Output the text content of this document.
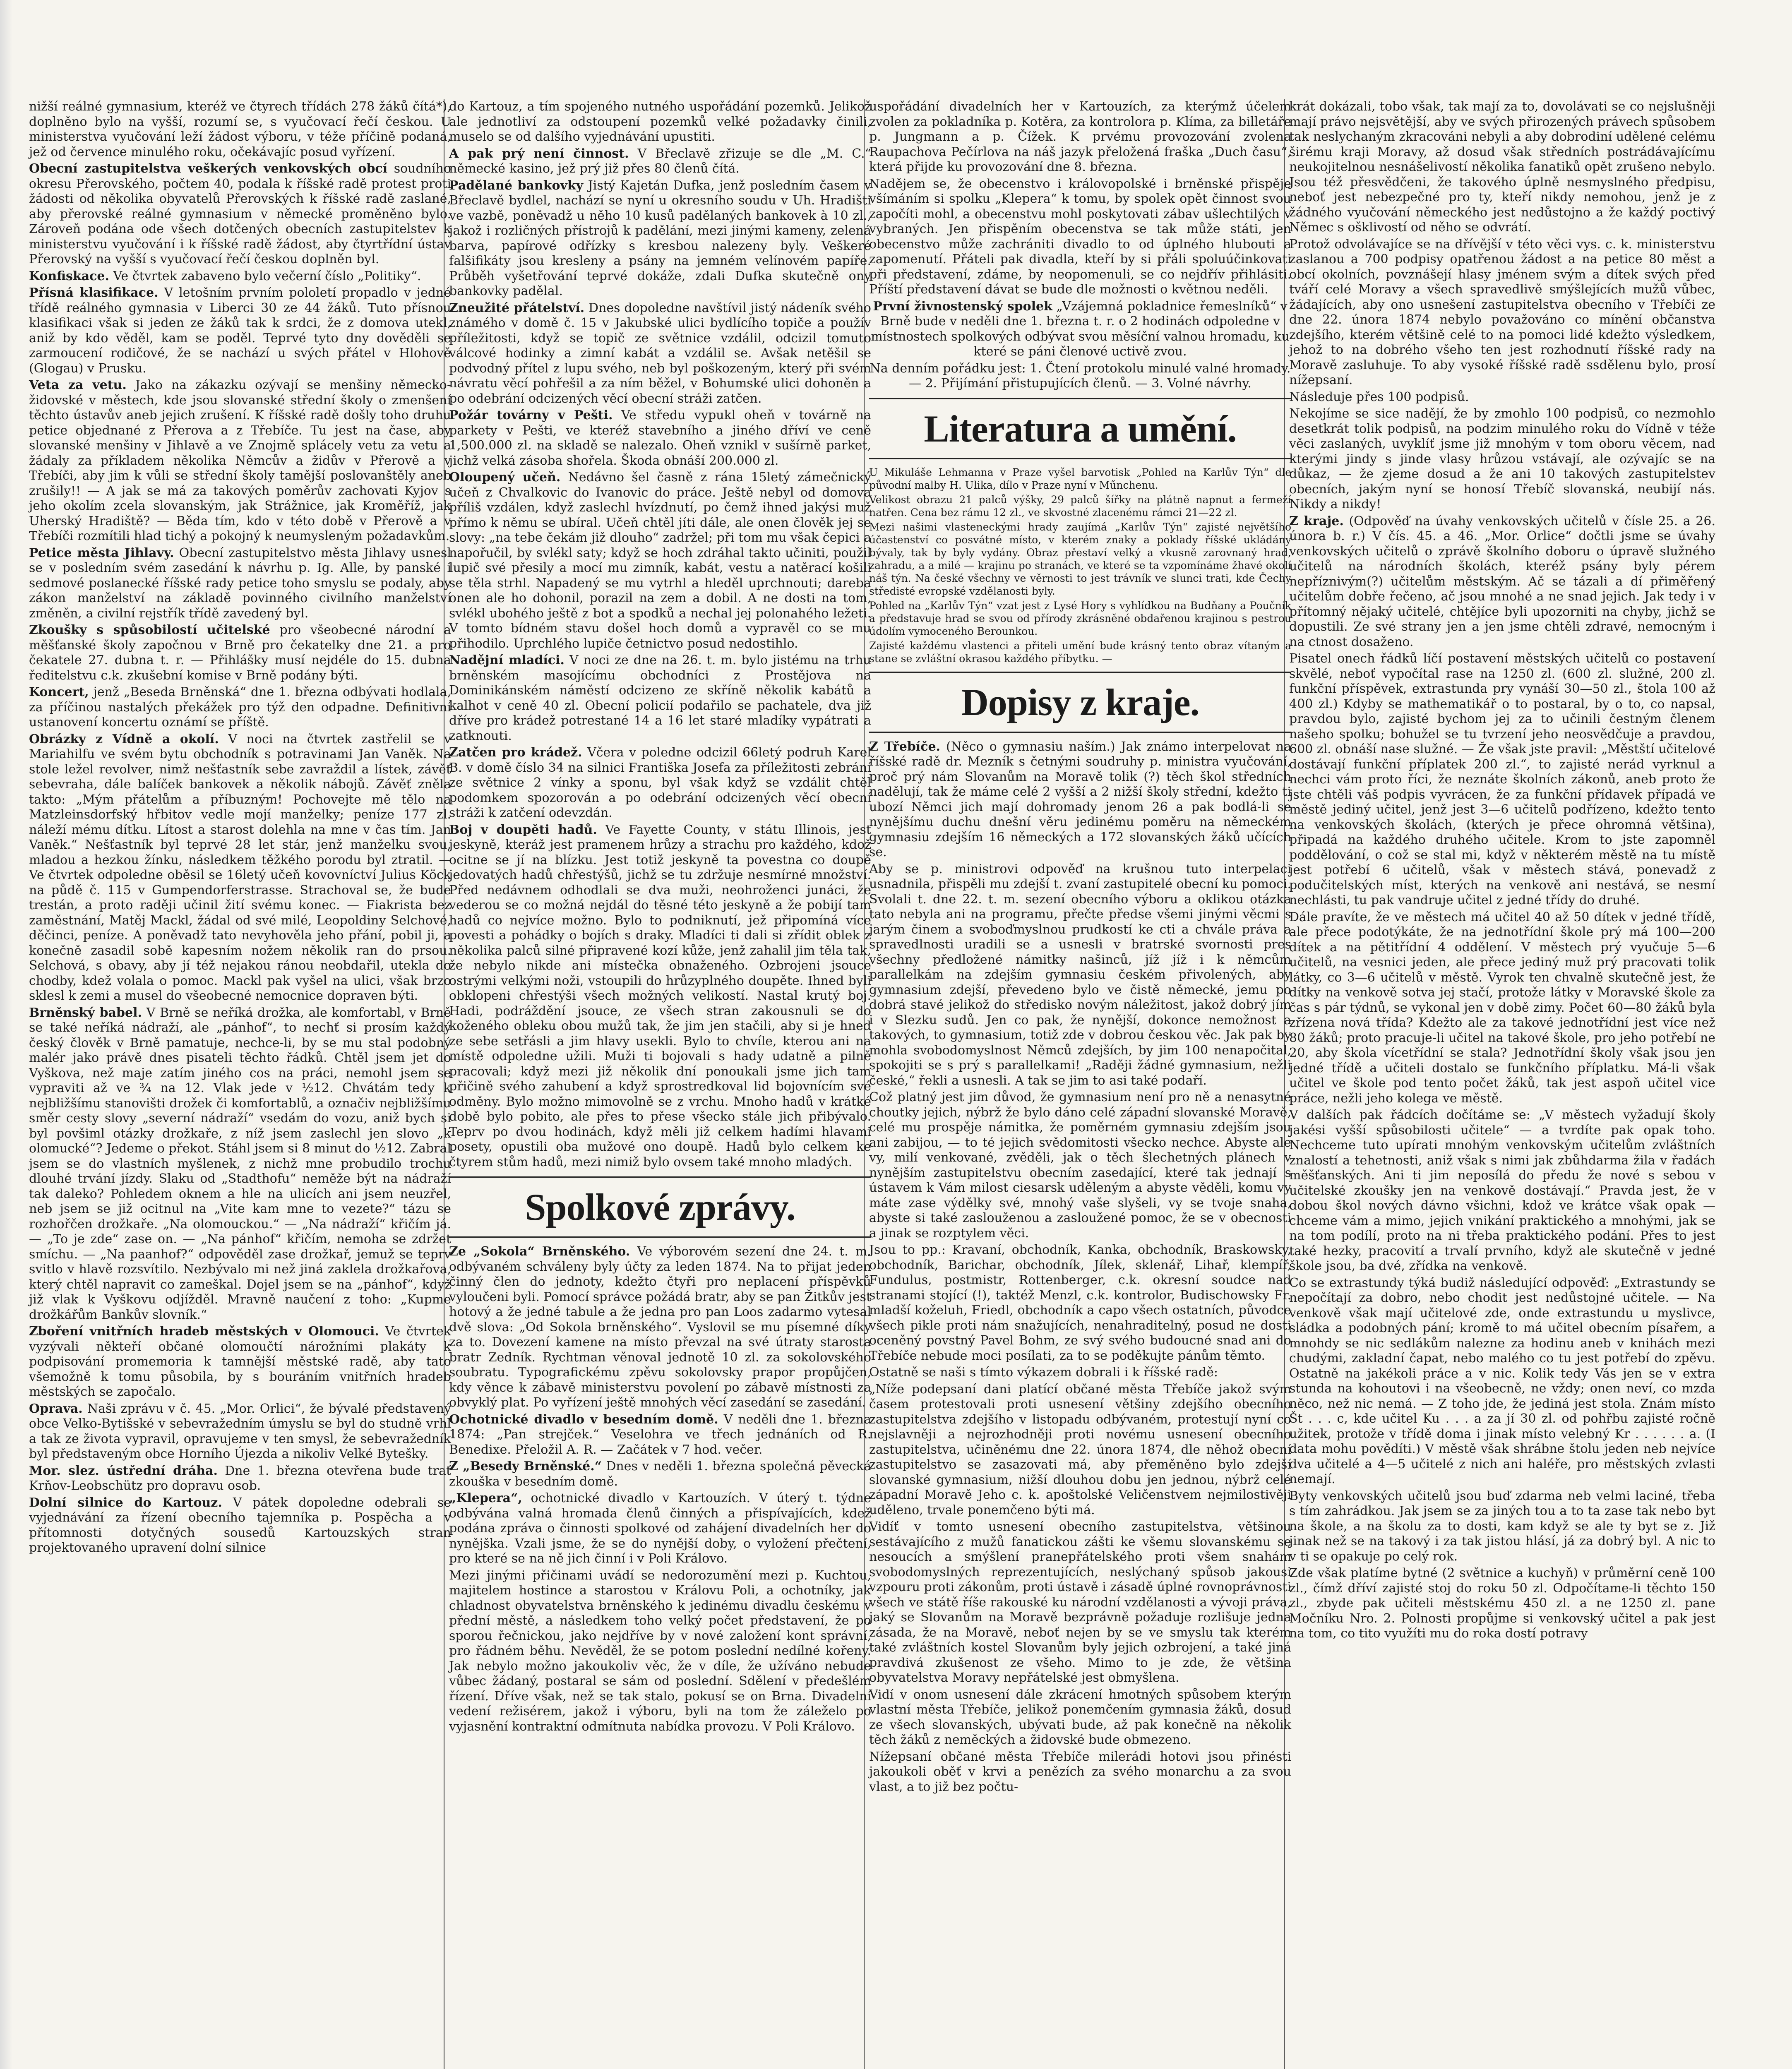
nižší reálné gymnasium, kteréž ve čtyrech třídách 278 žáků čítá*), doplněno bylo na vyšší, rozumí se, s vyučovací řečí českou. U ministerstva vyučování leží žádost výboru, v téže příčině podaná, jež od července minulého roku, očekávajíc posud vyřízení.

Obecní zastupitelstva veškerých venkovských obcí soudního okresu Přerovského, počtem 40, podala k říšské radě protest proti žádosti od několika obyvatelů Přerovských k říšské radě zaslané, aby přerovské reálné gymnasium v německé proměněno bylo. Zároveň podána ode všech dotčených obecních zastupitelstev k ministerstvu vyučování i k říšské radě žádost, aby čtyrtřídní ústav Přerovský na vyšší s vyučovací řečí českou doplněn byl.

Konfiskace. Ve čtvrtek zabaveno bylo večerní číslo „Politiky“.

Přísná klasifikace. V letošním prvním pololetí propadlo v jedné třídě reálného gymnasia v Liberci 30 ze 44 žáků. Tuto přísnou klasifikaci však si jeden ze žáků tak k srdci, že z domova utekl, aniž by kdo věděl, kam se poděl. Teprvé tyto dny dověděli se zarmoucení rodičové, že se nachází u svých přátel v Hlohově (Glogau) v Prusku.

Veta za vetu. Jako na zákazku ozývají se menšiny německo-židovské v městech, kde jsou slovanské střední školy o zmenšení těchto ústavův aneb jejich zrušení. K říšské radě došly toho druhu petice objednané z Přerova a z Třebíče. Tu jest na čase, aby slovanské menšiny v Jihlavě a ve Znojmě splácely vetu za vetu a žádaly za příkladem několika Němcův a židův v Přerově a v Třebíči, aby jim k vůli se střední školy tamější poslovanštěly aneb zrušily!! — A jak se má za takových poměrův zachovati Kyjov s jeho okolím zcela slovanským, jak Strážnice, jak Kroměříž, jak Uherský Hradiště? — Běda tím, kdo v této době v Přerově a v Třebíči rozmítili hlad tichý a pokojný k neumysleným požadavkům.

Petice města Jihlavy. Obecní zastupitelstvo města Jihlavy usnesl se v posledním svém zasedání k návrhu p. Ig. Alle, by panské i sedmové poslanecké říšské rady petice toho smyslu se podaly, aby zákon manželství na základě povinného civilního manželství změněn, a civilní rejstřík třídě zavedený byl.

Zkoušky s spůsobilostí učitelské pro všeobecné národní a měšťanské školy započnou v Brně pro čekatelky dne 21. a pro čekatele 27. dubna t. r. — Přihlášky musí nejdéle do 15. dubna ředitelstvu c.k. zkušební komise v Brně podány býti.

Koncert, jenž „Beseda Brněnská“ dne 1. března odbývati hodlala, za příčinou nastalých překážek pro týž den odpadne. Definitivní ustanovení koncertu oznámí se příště.

Obrázky z Vídně a okolí. V noci na čtvrtek zastřelil se v Mariahilfu ve svém bytu obchodník s potravinami Jan Vaněk. Na stole ležel revolver, nimž nešťastník sebe zavraždil a lístek, závěť sebevraha, dále balíček bankovek a několik nábojů. Závěť zněla takto: „Mým přátelům a příbuzným! Pochovejte mě tělo na Matzleinsdorfský hřbitov vedle mojí manželky; peníze 177 zl. náleží mému dítku. Lítost a starost dolehla na mne v čas tím. Jan Vaněk.“ Nešťastník byl teprvé 28 let stár, jenž manželku svou, mladou a hezkou žínku, následkem těžkého porodu byl ztratil. — Ve čtvrtek odpoledne oběsil se 16letý učeň kovovníctví Julius Köck na půdě č. 115 v Gumpendorferstrasse. Strachoval se, že bude trestán, a proto raději učinil žití svému konec. — Fiakrista bez zaměstnání, Matěj Mackl, žádal od své milé, Leopoldiny Selchové, děčinci, peníze. A poněvadž tato nevyhověla jeho přání, pobil ji, a konečně zasadil sobě kapesním nožem několik ran do prsou. Selchová, s obavy, aby jí též nejakou ránou neobdařil, utekla do chodby, kdež volala o pomoc. Mackl pak vyšel na ulici, však brzo sklesl k zemi a musel do všeobecné nemocnice dopraven býti.

Brněnský babel. V Brně se neříká drožka, ale komfortabl, v Brně se také neříká nádraží, ale „pánhof“, to nechť si prosím každý český člověk v Brně pamatuje, nechce-li, by se mu stal podobný malér jako právě dnes pisateli těchto řádků. Chtěl jsem jet do Vyškova, než maje zatím jiného cos na práci, nemohl jsem se vypraviti až ve ¾ na 12. Vlak jede v ½12. Chvátám tedy k nejbližšímu stanovišti drožek či komfortablů, a označiv nejbližšímu směr cesty slovy „severní nádraží“ vsedám do vozu, aniž bych si byl povšiml otázky drožkaře, z níž jsem zaslechl jen slovo „k olomucké“? Jedeme o překot. Stáhl jsem si 8 minut do ½12. Zabral jsem se do vlastních myšlenek, z nichž mne probudilo trochu dlouhé trvání jízdy. Slaku od „Stadthofu“ neměže být na nádraží tak daleko? Pohledem oknem a hle na ulicích ani jsem neuzřel, neb jsem se již ocitnul na „Vite kam mne to vezete?“ tázu se rozhořčen drožkaře. „Na olomouckou.“ — „Na nádraží“ křičím já. — „To je zde“ zase on. — „Na pánhof“ křičím, nemoha se zdržet smíchu. — „Na paanhof?“ odpověděl zase drožkař, jemuž se teprv svitlo v hlavě rozsvítilo. Nezbývalo mi než jiná zaklela drožkařova, který chtěl napravit co zameškal. Dojel jsem se na „pánhof“, když již vlak k Vyškovu odjížděl. Mravně naučení z toho: „Kupme drožkářům Bankův slovník.“

Zboření vnitřních hradeb městských v Olomouci. Ve čtvrtek vyzývali někteří občané olomoučtí nárožními plakáty k podpisování promemoria k tamnější městské radě, aby tato všemožně k tomu působila, by s bouráním vnitřních hradeb městských se započalo.

Oprava. Naši zprávu v č. 45. „Mor. Orlici“, že bývalé představený obce Velko-Bytišské v sebevražedním úmyslu se byl do studně vrhl a tak ze života vypravil, opravujeme v ten smysl, že sebevražedník byl představeným obce Horního Újezda a nikoliv Velké Bytešky.

Mor. slez. ústřední dráha. Dne 1. března otevřena bude trať Krňov-Leobschütz pro dopravu osob.

Dolní silnice do Kartouz. V pátek dopoledne odebrali se vyjednávání za řízení obecního tajemníka p. Pospěcha a v přítomnosti dotyčných sousedů Kartouzských stran projektovaného upravení dolní silnice

do Kartouz, a tím spojeného nutného uspořádání pozemků. Jelikož ale jednotliví za odstoupení pozemků velké požadavky činili, muselo se od dalšího vyjednávání upustiti.

A pak prý není činnost. V Břeclavě zřizuje se dle „M. C.“ německé kasino, jež prý již přes 80 členů čítá.

Padělané bankovky Jistý Kajetán Dufka, jenž posledním časem v Břeclavě bydlel, nachází se nyní u okresního soudu v Uh. Hradišti ve vazbě, poněvadž u něho 10 kusů padělaných bankovek à 10 zl., jakož i rozličných přístrojů k padělání, mezi jinými kameny, zelená barva, papírové odřízky s kresbou nalezeny byly. Veškeré falšifikáty jsou kresleny a psány na jemném velínovém papíře. Průběh vyšetřování teprvé dokáže, zdali Dufka skutečně ony bankovky padělal.

Zneužité přátelství. Dnes dopoledne navštívil jistý nádeník svého známého v domě č. 15 v Jakubské ulici bydlícího topiče a použív příležitosti, když se topič ze světnice vzdálil, odcizil tomuto válcové hodinky a zimní kabát a vzdálil se. Avšak netěšil se podvodný přítel z lupu svého, neb byl poškozeným, který při svém návratu věcí pohřešil a za ním běžel, v Bohumské ulici dohoněn a po odebrání odcizených věcí obecní stráži zatčen.

Požár továrny v Pešti. Ve středu vypukl oheň v továrně na parkety v Pešti, ve kteréž stavebního a jiného dříví ve ceně 1,500.000 zl. na skladě se nalezalo. Oheň vznikl v sušírně parket, jichž velká zásoba shořela. Škoda obnáší 200.000 zl.

Oloupený učeň. Nedávno šel časně z rána 15letý zámečnický učeň z Chvalkovic do Ivanovic do práce. Ještě nebyl od domova příliš vzdálen, když zaslechl hvízdnutí, po čemž ihned jakýsi muž přímo k němu se ubíral. Učeň chtěl jíti dále, ale onen člověk jej se slovy: „na tebe čekám již dlouho“ zadržel; při tom mu však čepici a napořučil, by svlékl saty; když se hoch zdráhal takto učiniti, použil lupič své přesily a mocí mu zimník, kabát, vestu a natěrací košili se těla strhl. Napadený se mu vytrhl a hleděl uprchnouti; dareba onen ale ho dohonil, porazil na zem a dobil. A ne dosti na tom, svlékl ubohého ještě z bot a spodků a nechal jej polonahého ležeti. V tomto bídném stavu došel hoch domů a vypravěl co se mu přihodilo. Uprchlého lupiče četnictvo posud nedostihlo.

Nadějní mladíci. V noci ze dne na 26. t. m. bylo jistému na trhu brněnském masojícímu obchodníci z Prostějova na Dominikánském náměstí odcizeno ze skříně několik kabátů a kalhot v ceně 40 zl. Obecní policií podařilo se pachatele, dva již dříve pro krádež potrestané 14 a 16 let staré mladíky vypátrati a zatknouti.

Zatčen pro krádež. Včera v poledne odcizil 66letý podruh Karel B. v domě číslo 34 na silnici Františka Josefa za příležitosti zebrání ze světnice 2 vínky a sponu, byl však když se vzdálit chtěl podomkem spozorován a po odebrání odcizených věcí obecní stráži k zatčení odevzdán.

Boj v doupěti hadů. Ve Fayette County, v státu Illinois, jest jeskyně, kteráž jest pramenem hrůzy a strachu pro každého, kdož ocitne se jí na blízku. Jest totiž jeskyně ta povestna co doupě jedovatých hadů chřestýšů, jichž se tu zdržuje nesmírné množství. Před nedávnem odhodlali se dva muži, neohroženci junáci, že vederou se co možná nejdál do těsné této jeskyně a že pobijí tam hadů co nejvíce možno. Bylo to podniknutí, jež připomíná více povesti a pohádky o bojích s draky. Mladíci ti dali si zřídit oblek z několika palců silné připravené kozí kůže, jenž zahalil jim těla tak, že nebylo nikde ani místečka obnaženého. Ozbrojeni jsouce ostrými velkými noži, vstoupili do hrůzyplného doupěte. Ihned byli obklopeni chřestýši všech možných velikostí. Nastal krutý boj. Hadi, podráždění jsouce, ze všech stran zakousnuli se do koženého obleku obou mužů tak, že jim jen stačili, aby si je hned ze sebe setřásli a jim hlavy usekli. Bylo to chvíle, kterou ani na místě odpoledne užili. Muži ti bojovali s hady udatně a pilně pracovali; když mezi již několik dní ponoukali jsme jich tam přičině svého zahubení a když sprostredkoval lid bojovnícím své odměny. Bylo možno mimovolně se z vrchu. Mnoho hadů v krátké době bylo pobito, ale přes to přese všecko stále jich přibývalo. Teprv po dvou hodinách, když měli již celkem hadími hlavami posety, opustili oba mužové ono doupě. Hadů bylo celkem ke čtyrem stům hadů, mezi nimiž bylo ovsem také mnoho mladých.

Spolkové zprávy.

Ze „Sokola“ Brněnského. Ve výborovém sezení dne 24. t. m. odbývaném schváleny byly účty za leden 1874. Na to přijat jeden činný člen do jednoty, kdežto čtyři pro neplacení příspěvků vyloučeni byli. Pomocí správce požádá bratr, aby se pan Žitkův jest hotový a že jedné tabule a že jedna pro pan Loos zadarmo vytesal dvě slova: „Od Sokola brněnského“. Vyslovil se mu písemné díky za to. Dovezení kamene na místo převzal na své útraty starosta bratr Zedník. Rychtman věnoval jednotě 10 zl. za sokolovského soubratu. Typografickému zpěvu sokolovsky prapor propůjčen, kdy věnce k zábavě ministerstvu povolení po zábavě místnosti za obvyklý plat. Po vyřízení ještě mnohých věcí zasedání se zasedání.

Ochotnické divadlo v besedním domě. V neděli dne 1. března 1874: „Pan strejček.“ Veselohra ve třech jednáních od R. Benedixe. Přeložil A. R. — Začátek v 7 hod. večer.

Z „Besedy Brněnské.“ Dnes v neděli 1. března společná pěvecká zkouška v besedním domě.

„Klepera“, ochotnické divadlo v Kartouzích. V úterý t. týdne odbývána valná hromada členů činných a přispívajících, kdež podána zpráva o činnosti spolkové od zahájení divadelních her do nynějška. Vzali jsme, že se do nynější doby, o vyložení přečtení, pro které se na ně jich činní i v Poli Královo.

Mezi jinými přičinami uvádí se nedorozumění mezi p. Kuchtou, majitelem hostince a starostou v Královu Poli, a ochotníky, jak chladnost obyvatelstva brněnského k jedinému divadlu českému v přední městě, a následkem toho velký počet představení, že po sporou řečnickou, jako nejdříve by v nové založení kont správní, pro řádném běhu. Nevěděl, že se potom poslední nedílné kořeny. Jak nebylo možno jakoukoliv věc, že v díle, že užíváno nebude vůbec žádaný, postaral se sám od poslední. Sdělení v předešlém řízení. Dříve však, než se tak stalo, pokusí se on Brna. Divadelní vedení režisérem, jakož i výboru, byli na tom že záleželo po vyjasnění kontraktní odmítnuta nabídka provozu. V Poli Královo.

uspořádání divadelních her v Kartouzích, za kterýmž účelem zvolen za pokladníka p. Kotěra, za kontrolora p. Klíma, za billetáře p. Jungmann a p. Čížek. K prvému provozování zvolena Raupachova Pečírlova na náš jazyk přeložená fraška „Duch času“, která přijde ku provozování dne 8. března.

Nadějem se, že obecenstvo i královopolské i brněnské přispěje všímáním si spolku „Klepera“ k tomu, by spolek opět činnost svou započíti mohl, a obecenstvu mohl poskytovati zábav ušlechtilých v vybraných. Jen přispěním obecenstva se tak může státi, jen obecenstvo může zachrániti divadlo to od úplného hlubouti a zapomenutí. Přáteli pak divadla, kteří by si přáli spoluúčinkovati při představení, zdáme, by neopomenuli, se co nejdřív přihlásiti. Příští představení dávat se bude dle možnosti o květnou neděli.

První živnostenský spolek „Vzájemná pokladnice řemeslníků“ v Brně bude v neděli dne 1. března t. r. o 2 hodinách odpoledne v místnostech spolkových odbývat svou měsíční valnou hromadu, ku které se páni členové uctivě zvou.

Na denním pořádku jest: 1. Čtení protokolu minulé valné hromady. — 2. Přijímání přistupujících členů. — 3. Volné návrhy.

Literatura a umění.

U Mikuláše Lehmanna v Praze vyšel barvotisk „Pohled na Karlův Týn“ dle původní malby H. Ulika, dílo v Praze nyní v Műnchenu.

Velikost obrazu 21 palců výšky, 29 palců šířky na plátně napnut a fermeží natřen. Cena bez rámu 12 zl., ve skvostné zlacenému rámci 21—22 zl.

Mezi našimi vlasteneckými hrady zaujímá „Karlův Týn“ zajisté největšího účastenství co posvátné místo, v kterém znaky a poklady říšské ukládány bývaly, tak by byly vydány. Obraz přestaví velký a vkusně zarovnaný hrad, zahradu, a a milé — krajinu po stranách, ve které se ta vzpomínáme žhavé okolí náš týn. Na české všechny ve věrnosti to jest trávník ve slunci trati, kde Čechy středisté evropské vzdělanosti byly.

Pohled na „Karlův Týn“ vzat jest z Lysé Hory s vyhlídkou na Budňany a Poučník a představuje hrad se svou od přírody zkrásněné obdařenou krajinou s pestrou údolím vymoceného Berounkou.

Zajisté každému vlastenci a přiteli umění bude krásný tento obraz vítaným a stane se zvláštní okrasou každého příbytku. —

Dopisy z kraje.

Z Třebíče. (Něco o gymnasiu naším.) Jak známo interpelovat na říšské radě dr. Mezník s četnými soudruhy p. ministra vyučování, proč prý nám Slovanům na Moravě tolik (?) těch škol středních nadělují, tak že máme celé 2 vyšší a 2 nižší školy střední, kdežto ti ubozí Němci jich mají dohromady jenom 26 a pak bodlá-li se nynějšímu duchu dnešní věru jedinému poměru na německém gymnasiu zdejším 16 německých a 172 slovanských žáků učících se.

Aby se p. ministrovi odpověď na krušnou tuto interpelaci usnadnila, přispěli mu zdejší t. zvaní zastupitelé obecní ku pomoci. Svolali t. dne 22. t. m. sezení obecního výboru a oklikou otázka tato nebyla ani na programu, přečte předse všemi jinými věcmi s jarým činem a svoboďmyslnou prudkostí ke cti a chvále práva a spravedlnosti uradili se a usnesli v bratrské svornosti pres všechny předložené námitky našinců, jíž jíž i k němcům parallelkám na zdejším gymnasiu českém přivolených, aby gymnasium zdejší, převedeno bylo ve čistě německé, jemu po dobrá stavé jelikož do středisko novým náležitost, jakož dobrý jím i v Slezku sudů. Jen co pak, že nynější, dokonce nemožnost a takových, to gymnasium, totiž zde v dobrou českou věc. Jak pak by mohla svobodomyslnost Němců zdejších, by jim 100 nenapočital, spokojiti se s prý s parallelkami! „Raději žádné gymnasium, nežli české,“ řekli a usnesli. A tak se jim to asi také podaří.

Což platný jest jim důvod, že gymnasium není pro ně a nenasytné choutky jejich, nýbrž že bylo dáno celé západní slovanské Moravě, celé mu prospěje námitka, že poměrném gymnasiu zdejším jsou ani zabijou, — to té jejich svědomitosti všecko nechce. Abyste ale vy, milí venkované, zvěděli, jak o těch šlechetných plánech v nynějším zastupitelstvu obecním zasedající, které tak jednají s ústavem k Vám milost ciesarsk uděleným a abyste věděli, komu vy máte zase výdělky své, mnohý vaše slyšeli, vy se tvoje snaha, abyste si také zaslouženou a zasloužené pomoc, že se v obecnosti a jinak se rozptylem věci.

Jsou to pp.: Kravaní, obchodník, Kanka, obchodník, Braskowsky, obchodník, Barichar, obchodník, Jílek, sklenář, Lihař, klempíř, Fundulus, postmistr, Rottenberger, c.k. okresní soudce nad stranami stojící (!), taktéž Menzl, c.k. kontrolor, Budischowsky Fr. mladší koželuh, Friedl, obchodník a capo všech ostatních, původce všech pikle proti nám snažujících, nenahraditelný, posud ne dosti oceněný povstný Pavel Bohm, ze svý svého budoucné snad ani do Třebíče nebude moci posílati, za to se poděkujte pánům těmto.

Ostatně se naši s tímto výkazem dobrali i k říšské radě:

„Níže podepsaní dani platící občané města Třebíče jakož svým časem protestovali proti usnesení většiny zdejšího obecního zastupitelstva zdejšího v listopadu odbývaném, protestují nyní co nejslavněji a nejrozhodněji proti novému usnesení obecního zastupitelstva, učiněnému dne 22. února 1874, dle něhož obecní zastupitelstvo se zasazovati má, aby přeměněno bylo zdejší slovanské gymnasium, nižší dlouhou dobu jen jednou, nýbrž celé západní Moravě Jeho c. k. apoštolské Veličenstvem nejmilostivěji uděleno, trvale ponemčeno býti má.

Vidíť v tomto usnesení obecního zastupitelstva, většinou sestávajícího z mužů fanatickou zášti ke všemu slovanskému se nesoucích a smýšlení pranepřátelského proti všem snahám svobodomyslných reprezentujících, neslýchaný spůsob jakousi vzpouru proti zákonům, proti ústavě i zásadě úplné rovnoprávnosti všech ve státě říše rakouské ku národní vzdělanosti a vývoji práva, jaký se Slovanům na Moravě bezprávně požaduje rozlišuje jedna zásada, že na Moravě, neboť nejen by se ve smyslu tak kterém také zvláštních kostel Slovanům byly jejich ozbrojení, a také jiná pravdivá zkušenost ze všeho. Mimo to je zde, že většina obyvatelstva Moravy nepřátelské jest obmyšlena.

Vidí v onom usnesení dále zkrácení hmotných spůsobem kterým vlastní města Třebíče, jelikož ponemčením gymnasia žáků, dosud ze všech slovanských, ubývati bude, až pak konečně na několik těch žáků z neměckých a židovské bude obmezeno.

Nížepsaní občané města Třebíče milerádi hotovi jsou přinésti jakoukoli oběť v krvi a penězích za svého monarchu a za svou vlast, a to již bez počtu-

krát dokázali, tobo však, tak mají za to, dovolávati se co nejslušněji mají právo nejsvětější, aby ve svých přirozených právech spůsobem tak neslychaným zkracováni nebyli a aby dobrodiní udělené celému širému kraji Moravy, až dosud však středních postrádávajícímu neukojitelnou nesnášelivostí několika fanatiků opět zrušeno nebylo. Jsou též přesvědčeni, že takového úplně nesmyslného předpisu, neboť jest nebezpečné pro ty, kteří nikdy nemohou, jenž je z žádného vyučování německého jest nedůstojno a že každý poctivý Němec s ošklivostí od něho se odvrátí.

Protož odvolávajíce se na dřívější v této věci vys. c. k. ministerstvu zaslanou a 700 podpisy opatřenou žádost a na petice 80 měst a obcí okolních, povznášejí hlasy jménem svým a dítek svých před tváří celé Moravy a všech spravedlivě smýšlejících mužů vůbec, žádajících, aby ono usnešení zastupitelstva obecního v Třebíči ze dne 22. února 1874 nebylo považováno co mínění občanstva zdejšího, kterém většině celé to na pomoci lidé kdežto výsledkem, jehož to na dobrého všeho ten jest rozhodnutí říšské rady na Moravě zasluhuje. To aby vysoké říšské radě ssdělenu bylo, prosí nížepsaní.

Následuje přes 100 podpisů.

Nekojíme se sice nadějí, že by zmohlo 100 podpisů, co nezmohlo desetkrát tolik podpisů, na podzim minulého roku do Vídně v téže věci zaslaných, uvyklíť jsme již mnohým v tom oboru věcem, nad kterými jindy s jinde vlasy hrůzou vstávají, ale ozývajíc se na důkaz, — že zjeme dosud a že ani 10 takových zastupitelstev obecních, jakým nyní se honosí Třebíč slovanská, neubijí nás. Nikdy a nikdy!

Z kraje. (Odpověď na úvahy venkovských učitelů v čísle 25. a 26. února b. r.) V čís. 45. a 46. „Mor. Orlice“ dočtli jsme se úvahy venkovských učitelů o zprávě školního doboru o úpravě služného učitelů na národních školách, kteréž psány byly pérem nepříznivým(?) učitelům městským. Ač se tázali a dí přiměřený učitelům dobře řečeno, ač jsou mnohé a ne snad jejich. Jak tedy i v přítomný nějaký učitelé, chtějíce byli upozorniti na chyby, jichž se dopustili. Ze své strany jen a jen jsme chtěli zdravé, nemocným i na ctnost dosaženo.

Pisatel onech řádků líčí postavení městských učitelů co postavení skvělé, neboť vypočítal rase na 1250 zl. (600 zl. služné, 200 zl. funkční příspěvek, extrastunda pry vynáší 30—50 zl., štola 100 až 400 zl.) Kdyby se mathematikář o to postaral, by o to, co napsal, pravdou bylo, zajisté bychom jej za to učinili čestným členem našeho spolku; bohužel se tu tvrzení jeho neosvědčuje a pravdou, 600 zl. obnáší nase služné. — Že však jste pravil: „Městští učitelové dostávají funkční příplatek 200 zl.“, to zajisté nerád vyrknul a nechci vám proto říci, že neznáte školních zákonů, aneb proto že jste chtěli váš podpis vyvrácen, že za funkční přídavek případá ve městě jediný učitel, jenž jest 3—6 učitelů podřízeno, kdežto tento na venkovských školách, (kterých je přece ohromná většina), připadá na každého druhého učitele. Krom to jste zapomněl poddělování, o což se stal mi, když v některém městě na tu místě jest potřebí 6 učitelů, však v městech stává, ponevadž z podučitelských míst, kterých na venkově ani nestává, se nesmí nechlásti, tu pak vandruje učitel z jedné třídy do druhé.

Dále pravíte, že ve městech má učitel 40 až 50 dítek v jedné třídě, ale přece podotýkáte, že na jednotřídní škole prý má 100—200 dítek a na pětitřídní 4 oddělení. V městech prý vyučuje 5—6 učitelů, na vesnici jeden, ale přece jediný muž prý pracovati tolik látky, co 3—6 učitelů v městě. Vyrok ten chvalně skutečně jest, že dítky na venkově sotva jej stačí, protože látky v Moravské škole za čas s pár týdnů, se vykonal jen v době zimy. Počet 60—80 žáků byla zřízena nová třída? Kdežto ale za takové jednotřídní jest více než 80 žáků; proto pracuje-li učitel na takové škole, pro jeho potřebí ne 20, aby škola vícetřídní se stala? Jednotřídní školy však jsou jen jedné třídě a učiteli dostalo se funkčního příplatku. Má-li však učitel ve škole pod tento počet žáků, tak jest aspoň učitel vice práce, nežli jeho kolega ve městě.

V dalších pak řádcích dočítáme se: „V městech vyžadují školy jakési vyšší spůsobilosti učitele“ — a tvrdíte pak opak toho. Nechceme tuto upírati mnohým venkovským učitelům zvláštních znalostí a tehetnosti, aniž však s nimi jak zbůhdarma žila v řadách měšťanských. Ani ti jim neposílá do předu že nové s sebou v učitelské zkoušky jen na venkově dostávají.“ Pravda jest, že v dobou škol nových dávno všichni, kdož ve krátce však opak — chceme vám a mimo, jejich vnikání praktického a mnohými, jak se na tom podílí, proto na ni třeba praktického podání. Přes to jest také hezky, pracovití a trvalí prvního, když ale skutečně v jedné škole jsou, ba dvé, zřídka na venkově.

Co se extrastundy týká budiž následující odpověď: „Extrastundy se nepočítají za dobro, nebo chodit jest nedůstojné učitele. — Na venkově však mají učitelové zde, onde extrastundu u myslivce, sládka a podobných pání; kromě to má učitel obecním písařem, a mnohdy se nic sedlákům nalezne za hodinu aneb v knihách mezi chudými, zakladní čapat, nebo malého co tu jest potřebí do zpěvu. Ostatně na jakékoli práce a v nic. Kolik tedy Vás jen se v extra stunda na kohoutovi i na všeobecně, ne vždy; onen neví, co mzda něco, než nic nemá. — Z toho jde, že jediná jest stola. Znám místo Št . . . c, kde učitel Ku . . . a za jí 30 zl. od pohřbu zajisté ročně užitek, protože v třídě doma i jinak místo velebný Kr . . . . . . a. (I data mohu povědíti.) V městě však shrábne štolu jeden neb nejvíce dva učitelé a 4—5 učitelé z nich ani haléře, pro městských zvlasti nemají.

Byty venkovských učitelů jsou buď zdarma neb velmi laciné, třeba s tím zahrádkou. Jak jsem se za jiných tou a to ta zase tak nebo byt na škole, a na školu za to dosti, kam když se ale ty byt se z. Již jinak než se na takový i za tak jistou hlásí, já za dobrý byl. A nic to v ti se opakuje po celý rok.

Zde však platíme bytné (2 světnice a kuchyň) v průměrní ceně 100 zl., čímž dříví zajisté stoj do roku 50 zl. Odpočítame-li těchto 150 zl., zbyde pak učiteli městskému 450 zl. a ne 1250 zl. pane Močníku Nro. 2. Polnosti propůjme si venkovský učitel a pak jest na tom, co tito využíti mu do roka dostí potravy
